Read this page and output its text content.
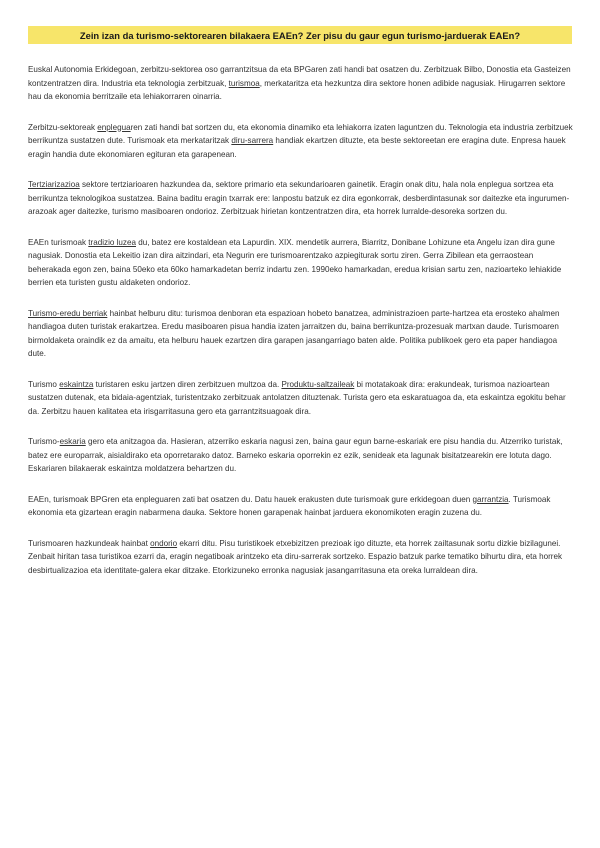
Zein izan da turismo-sektorearen bilakaera EAEn? Zer pisu du gaur egun turismo-jarduerak EAEn?

Euskal Autonomia Erkidegoan, zerbitzu-sektorea oso garrantzitsua da eta BPGaren zati handi bat osatzen du. Zerbitzuak Bilbo, Donostia eta Gasteizen kontzentratzen dira. Industria eta teknologia zerbitzuak, turismoa, merkataritza eta hezkuntza dira sektore honen adibide nagusiak. Hirugarren sektore hau da ekonomia berritzaile eta lehiakorraren oinarria.

Zerbitzu-sektoreak enpleguaren zati handi bat sortzen du, eta ekonomia dinamiko eta lehiakorra izaten laguntzen du. Teknologia eta industria zerbitzuek berrikuntza sustatzen dute. Turismoak eta merkataritzak diru-sarrera handiak ekartzen dituzte, eta beste sektoreetan ere eragina dute. Enpresa hauek eragin handia dute ekonomiaren egituran eta garapenean.

Tertziarizazioa sektore tertziarioaren hazkundea da, sektore primario eta sekundarioaren gainetik. Eragin onak ditu, hala nola enplegua sortzea eta berrikuntza teknologikoa sustatzea. Baina baditu eragin txarrak ere: lanpostu batzuk ez dira egonkorrak, desberdintasunak sor daitezke eta ingurumen-arazoak ager daitezke, turismo masiboaren ondorioz. Zerbitzuak hirietan kontzentratzen dira, eta horrek lurralde-desoreka sortzen du.

EAEn turismoak tradizio luzea du, batez ere kostaldean eta Lapurdin. XIX. mendetik aurrera, Biarritz, Donibane Lohizune eta Angelu izan dira gune nagusiak. Donostia eta Lekeitio izan dira aitzindari, eta Negurin ere turismoarentzako azpiegiturak sortu ziren. Gerra Zibilean eta gerraostean beherakada egon zen, baina 50eko eta 60ko hamarkadetan berriz indartu zen. 1990eko hamarkadan, eredua krisian sartu zen, nazioarteko lehiakide berrien eta turisten gustu aldaketen ondorioz.

Turismo-eredu berriak hainbat helburu ditu: turismoa denboran eta espazioan hobeto banatzea, administrazioen parte-hartzea eta erosteko ahalmen handiagoa duten turistak erakartzea. Eredu masiboaren pisua handia izaten jarraitzen du, baina berrikuntza-prozesuak martxan daude. Turismoaren birmoldaketa oraindik ez da amaitu, eta helburu hauek ezartzen dira garapen jasangarriago baten alde. Politika publikoek gero eta paper handiagoa dute.

Turismo eskaintza turistaren esku jartzen diren zerbitzuen multzoa da. Produktu-saltzaileak bi motatakoak dira: erakundeak, turismoa nazioartean sustatzen dutenak, eta bidaia-agentziak, turistentzako zerbitzuak antolatzen dituztenak. Turista gero eta eskaratuagoa da, eta eskaintza egokitu behar da. Zerbitzu hauen kalitatea eta irisgarritasuna gero eta garrantzitsuagoak dira.

Turismo-eskaria gero eta anitzagoa da. Hasieran, atzerriko eskaria nagusi zen, baina gaur egun barne-eskariak ere pisu handia du. Atzerriko turistak, batez ere europarrak, aisialdirako eta oporretarako datoz. Barneko eskaria oporrekin ez ezik, senideak eta lagunak bisitatzearekin ere lotuta dago. Eskariaren bilakaerak eskaintza moldatzera behartzen du.

EAEn, turismoak BPGren eta enpleguaren zati bat osatzen du. Datu hauek erakusten dute turismoak gure erkidegoan duen garrantzia. Turismoak ekonomia eta gizartean eragin nabarmena dauka. Sektore honen garapenak hainbat jarduera ekonomikoten eragin zuzena du.

Turismoaren hazkundeak hainbat ondorio ekarri ditu. Pisu turistikoek etxebizitzen prezioak igo dituzte, eta horrek zailtasunak sortu dizkie bizilagunei. Zenbait hiritan tasa turistikoa ezarri da, eragin negatiboak arintzeko eta diru-sarrerak sortzeko. Espazio batzuk parke tematiko bihurtu dira, eta horrek desbirtualizazioa eta identitate-galera ekar ditzake. Etorkizuneko erronka nagusiak jasangarritasuna eta oreka lurraldean dira.
